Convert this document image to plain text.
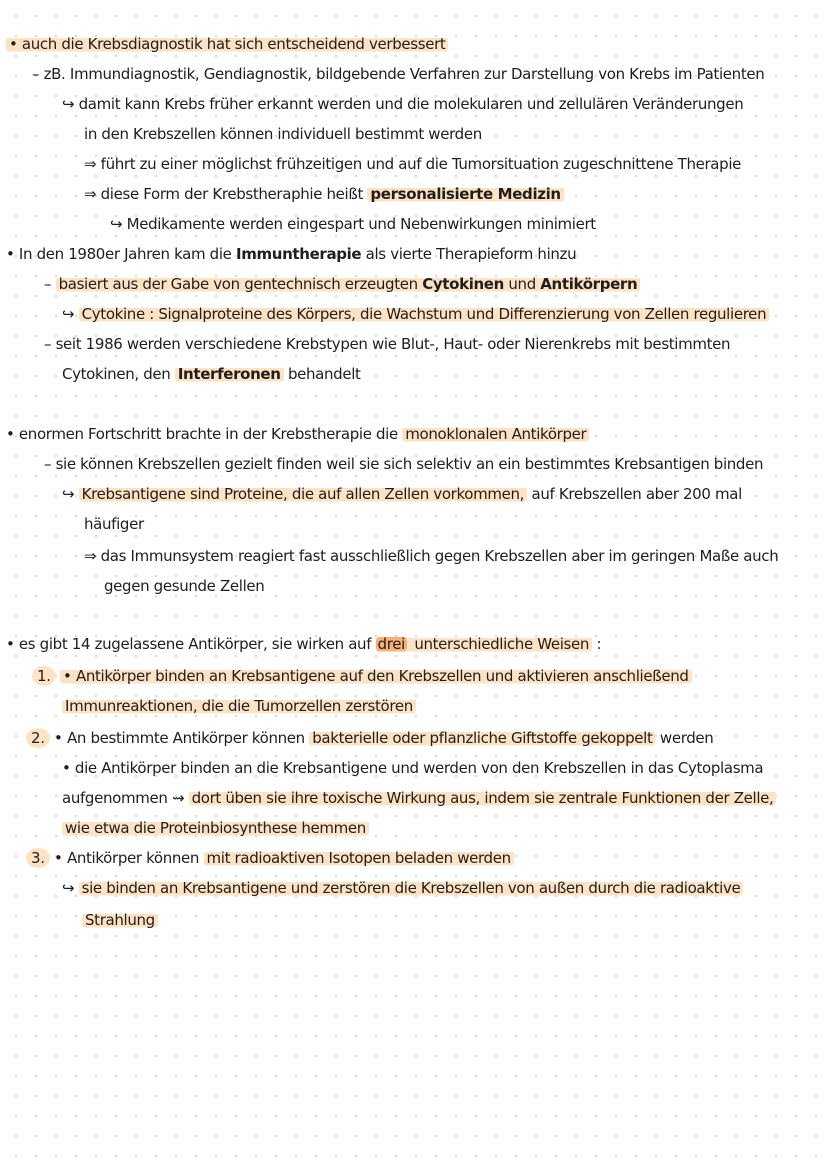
• auch die Krebsdiagnostik hat sich entscheidend verbessert
– zB. Immundiagnostik, Gendiagnostik, bildgebende Verfahren zur Darstellung von Krebs im Patienten
↪ damit kann Krebs früher erkannt werden und die molekularen und zellulären Veränderungen
in den Krebszellen können individuell bestimmt werden
⇒ führt zu einer möglichst frühzeitigen und auf die Tumorsituation zugeschnittene Therapie
⇒ diese Form der Krebstheraphie heißt personalisierte Medizin
↪ Medikamente werden eingespart und Nebenwirkungen minimiert
• In den 1980er Jahren kam die Immuntherapie als vierte Therapieform hinzu
– basiert aus der Gabe von gentechnisch erzeugten Cytokinen und Antikörpern
↪ Cytokine : Signalproteine des Körpers, die Wachstum und Differenzierung von Zellen regulieren
– seit 1986 werden verschiedene Krebstypen wie Blut-, Haut- oder Nierenkrebs mit bestimmten
Cytokinen, den Interferonen behandelt
• enormen Fortschritt brachte in der Krebstherapie die monoklonalen Antikörper
– sie können Krebszellen gezielt finden weil sie sich selektiv an ein bestimmtes Krebsantigen binden
↪ Krebsantigene sind Proteine, die auf allen Zellen vorkommen, auf Krebszellen aber 200 mal
häufiger
⇒ das Immunsystem reagiert fast ausschließlich gegen Krebszellen aber im geringen Maße auch
gegen gesunde Zellen
• es gibt 14 zugelassene Antikörper, sie wirken auf drei unterschiedliche Weisen :
1. • Antikörper binden an Krebsantigene auf den Krebszellen und aktivieren anschließend
Immunreaktionen, die die Tumorzellen zerstören
2. • An bestimmte Antikörper können bakterielle oder pflanzliche Giftstoffe gekoppelt werden
• die Antikörper binden an die Krebsantigene und werden von den Krebszellen in das Cytoplasma
aufgenommen ⇝ dort üben sie ihre toxische Wirkung aus, indem sie zentrale Funktionen der Zelle,
wie etwa die Proteinbiosynthese hemmen
3. • Antikörper können mit radioaktiven Isotopen beladen werden
↪ sie binden an Krebsantigene und zerstören die Krebszellen von außen durch die radioaktive
Strahlung
